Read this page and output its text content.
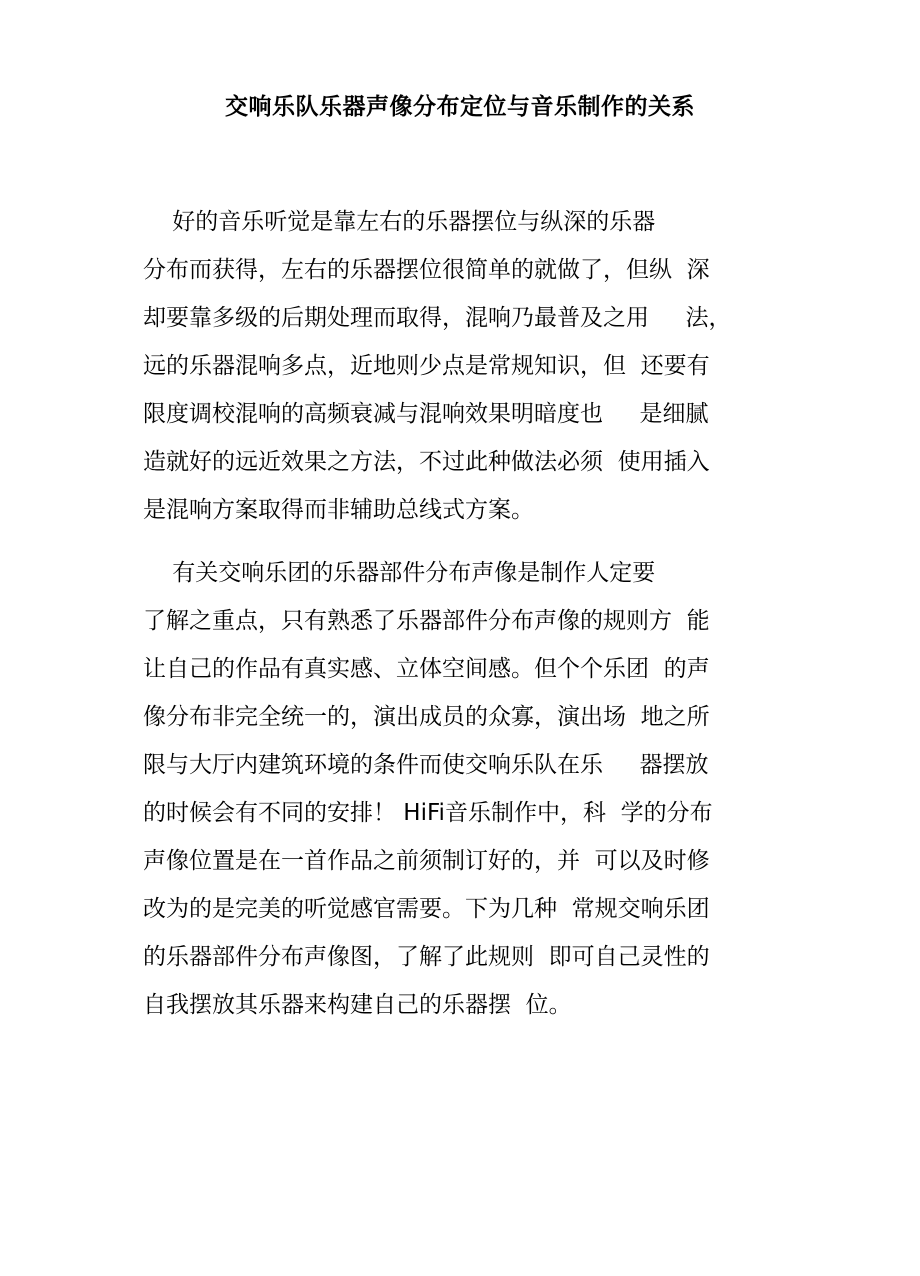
交响乐队乐器声像分布定位与音乐制作的关系
好的音乐听觉是靠左右的乐器摆位与纵深的乐器
分布而获得，左右的乐器摆位很简单的就做了，但纵  深
却要靠多级的后期处理而取得，混响乃最普及之用     法，
远的乐器混响多点，近地则少点是常规知识，但  还要有
限度调校混响的高频衰减与混响效果明暗度也     是细腻
造就好的远近效果之方法，不过此种做法必须  使用插入
是混响方案取得而非辅助总线式方案。
有关交响乐团的乐器部件分布声像是制作人定要
了解之重点，只有熟悉了乐器部件分布声像的规则方  能
让自己的作品有真实感、立体空间感。但个个乐团  的声
像分布非完全统一的，演出成员的众寡，演出场  地之所
限与大厅内建筑环境的条件而使交响乐队在乐     器摆放
的时候会有不同的安排！ HiFi音乐制作中，科  学的分布
声像位置是在一首作品之前须制订好的，并  可以及时修
改为的是完美的听觉感官需要。下为几种  常规交响乐团
的乐器部件分布声像图，了解了此规则  即可自己灵性的
自我摆放其乐器来构建自己的乐器摆  位。
